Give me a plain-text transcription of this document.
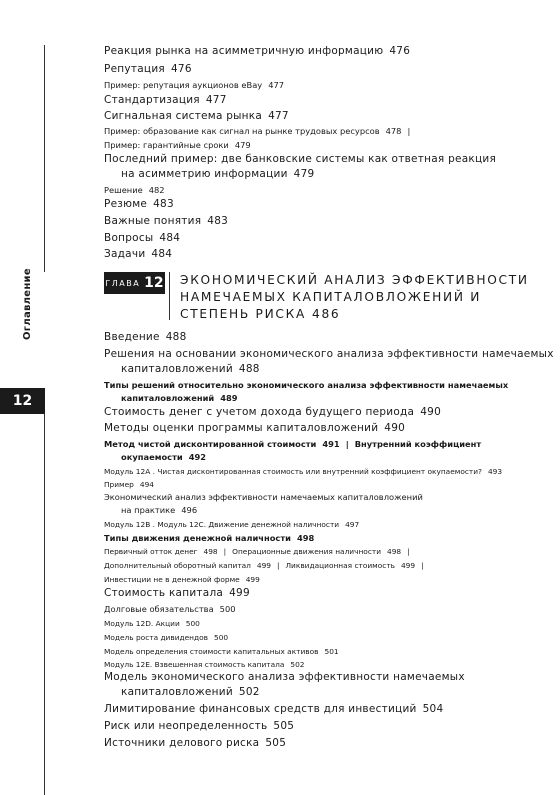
Оглавление
12
Реакция рынка на асимметричную информацию 476
Репутация 476
Пример: репутация аукционов eBay 477
Стандартизация 477
Сигнальная система рынка 477
Пример: образование как сигнал на рынке трудовых ресурсов 478 |
Пример: гарантийные сроки 479
Последний пример: две банковские системы как ответная реакция
на асимметрию информации 479
Решение 482
Резюме 483
Важные понятия 483
Вопросы 484
Задачи 484
ГЛАВА 12 ЭКОНОМИЧЕСКИЙ АНАЛИЗ ЭФФЕКТИВНОСТИ НАМЕЧАЕМЫХ КАПИТАЛОВЛОЖЕНИЙ И СТЕПЕНЬ РИСКА 486
Введение 488
Решения на основании экономического анализа эффективности намечаемых
капиталовложений 488
Типы решений относительно экономического анализа эффективности намечаемых
капиталовложений 489
Стоимость денег с учетом дохода будущего периода 490
Методы оценки программы капиталовложений 490
Метод чистой дисконтированной стоимости 491 | Внутренний коэффициент
окупаемости 492
Модуль 12А . Чистая дисконтированная стоимость или внутренний коэффициент окупаемости? 493
Пример 494
Экономический анализ эффективности намечаемых капиталовложений
на практике 496
Модуль 12В . Модуль 12С. Движение денежной наличности 497
Типы движения денежной наличности 498
Первичный отток денег 498 | Операционные движения наличности 498 |
Дополнительный оборотный капитал 499 | Ликвидационная стоимость 499 |
Инвестиции не в денежной форме 499
Стоимость капитала 499
Долговые обязательства 500
Модуль 12D. Акции 500
Модель роста дивидендов 500
Модель определения стоимости капитальных активов 501
Модуль 12Е. Взвешенная стоимость капитала 502
Модель экономического анализа эффективности намечаемых
капиталовложений 502
Лимитирование финансовых средств для инвестиций 504
Риск или неопределенность 505
Источники делового риска 505
